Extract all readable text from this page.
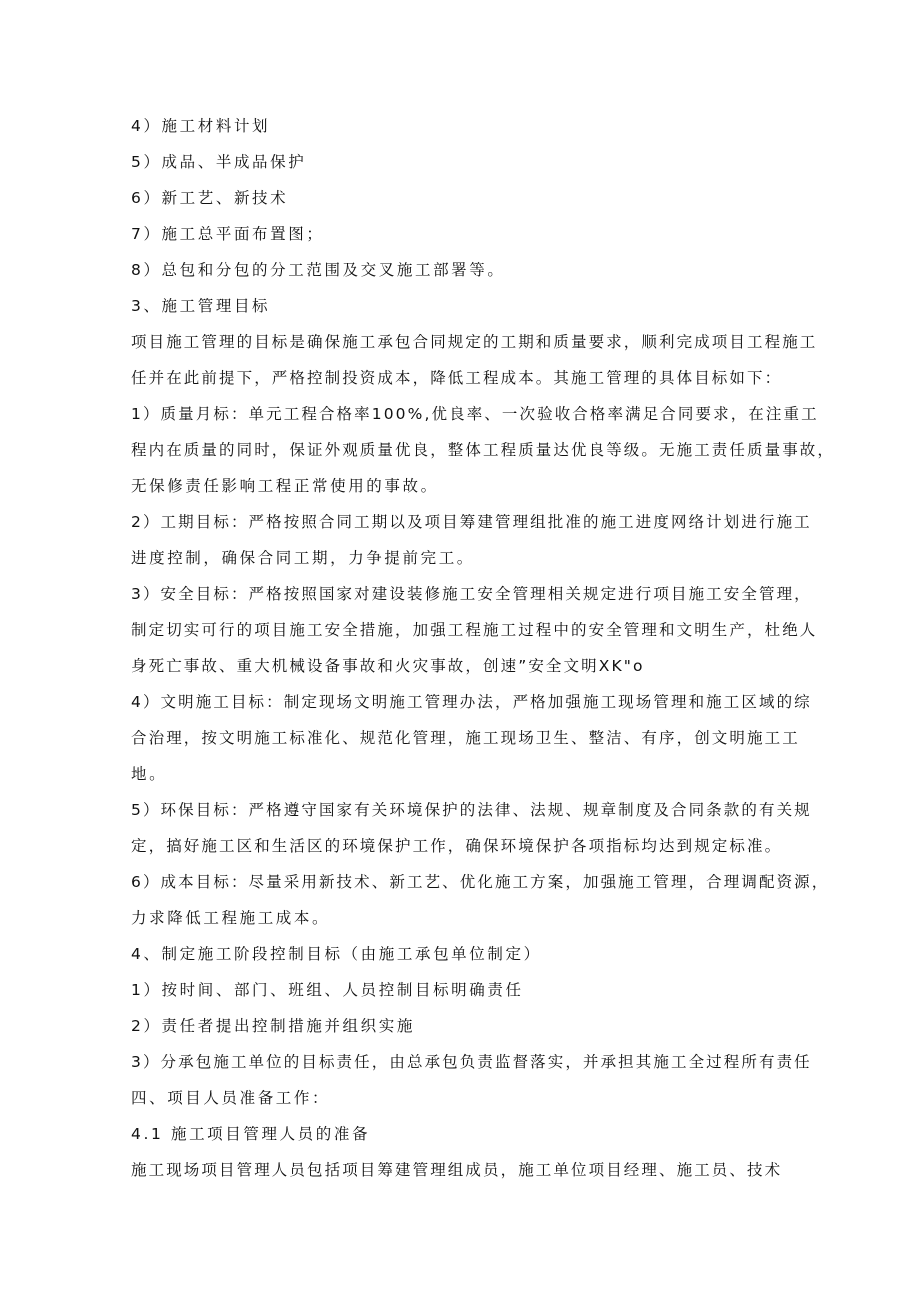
4）施工材料计划
5）成品、半成品保护
6）新工艺、新技术
7）施工总平面布置图；
8）总包和分包的分工范围及交叉施工部署等。
3、施工管理目标
项目施工管理的目标是确保施工承包合同规定的工期和质量要求，顺利完成项目工程施工
任并在此前提下，严格控制投资成本，降低工程成本。其施工管理的具体目标如下：
1）质量月标：单元工程合格率100%,优良率、一次验收合格率满足合同要求，在注重工
程内在质量的同时，保证外观质量优良，整体工程质量达优良等级。无施工责任质量事故，
无保修责任影响工程正常使用的事故。
2）工期目标：严格按照合同工期以及项目筹建管理组批准的施工进度网络计划进行施工
进度控制，确保合同工期，力争提前完工。
3）安全目标：严格按照国家对建设装修施工安全管理相关规定进行项目施工安全管理，
制定切实可行的项目施工安全措施，加强工程施工过程中的安全管理和文明生产，杜绝人
身死亡事故、重大机械设备事故和火灾事故，创速”安全文明XK"o
4）文明施工目标：制定现场文明施工管理办法，严格加强施工现场管理和施工区域的综
合治理，按文明施工标准化、规范化管理，施工现场卫生、整洁、有序，创文明施工工
地。
5）环保目标：严格遵守国家有关环境保护的法律、法规、规章制度及合同条款的有关规
定，搞好施工区和生活区的环境保护工作，确保环境保护各项指标均达到规定标准。
6）成本目标：尽量采用新技术、新工艺、优化施工方案，加强施工管理，合理调配资源，
力求降低工程施工成本。
4、制定施工阶段控制目标（由施工承包单位制定）
1）按时间、部门、班组、人员控制目标明确责任
2）责任者提出控制措施并组织实施
3）分承包施工单位的目标责任，由总承包负责监督落实，并承担其施工全过程所有责任
四、项目人员准备工作：
4.1 施工项目管理人员的准备
施工现场项目管理人员包括项目筹建管理组成员，施工单位项目经理、施工员、技术
